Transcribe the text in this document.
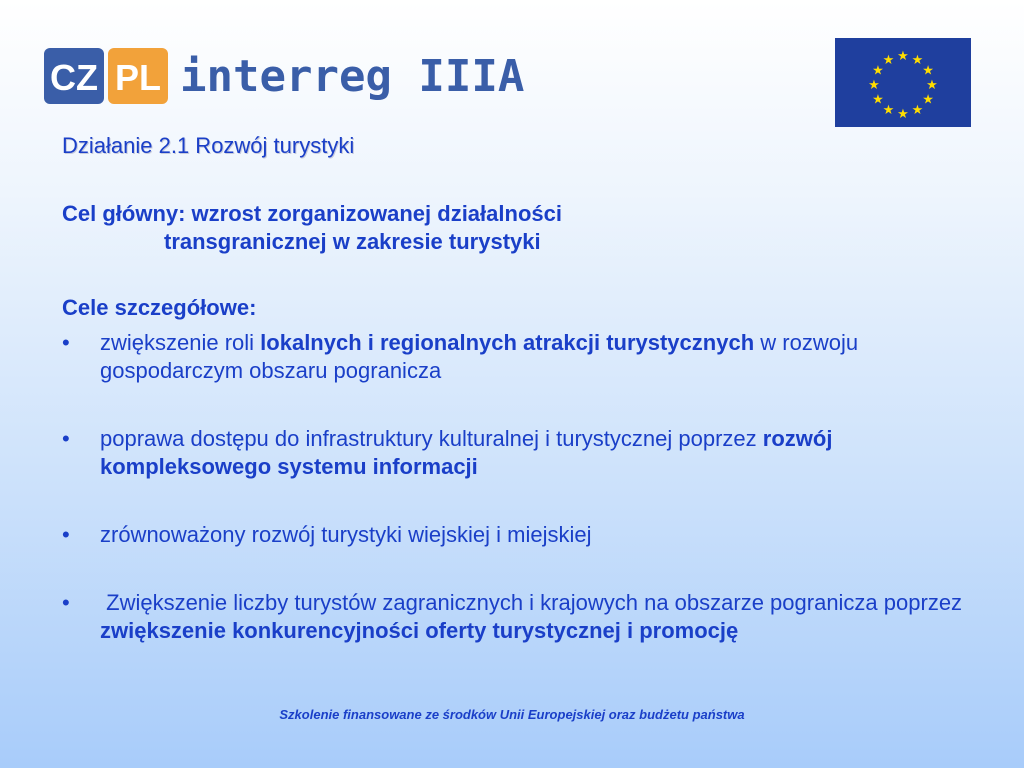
CZ PL interreg IIIA	★ ★
★
★
★
★
★
★
★
★
★
★
Działanie 2.1 Rozwój turystyki
Cel główny: wzrost zorganizowanej działalności
transgranicznej w zakresie turystyki
Cele szczegółowe:
•	zwiększenie roli lokalnych i regionalnych atrakcji turystycznych w rozwoju gospodarczym obszaru pogranicza
•	poprawa dostępu do infrastruktury kulturalnej i turystycznej poprzez rozwój kompleksowego systemu informacji
•	zrównoważony rozwój turystyki wiejskiej i miejskiej
•	Zwiększenie liczby turystów zagranicznych i krajowych na obszarze pogranicza poprzez zwiększenie konkurencyjności oferty turystycznej i promocję
Szkolenie finansowane ze środków Unii Europejskiej oraz budżetu państwa
